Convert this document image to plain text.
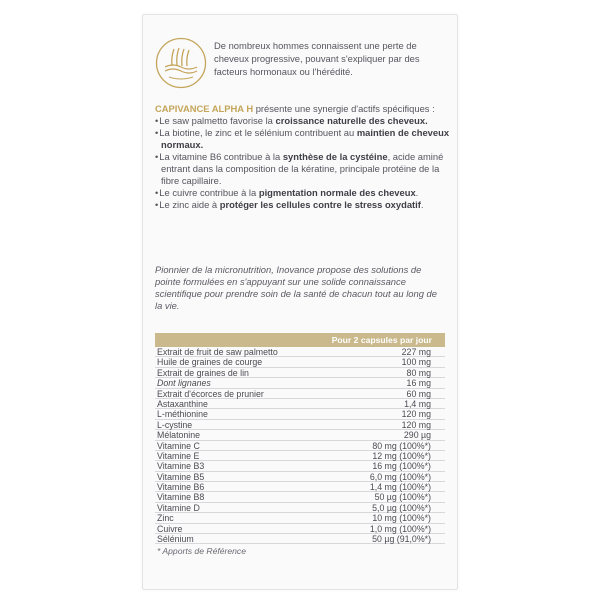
De nombreux hommes connaissent une perte de cheveux progressive, pouvant s'expliquer par des facteurs hormonaux ou l'hérédité.
CAPIVANCE ALPHA H présente une synergie d'actifs spécifiques :
• Le saw palmetto favorise la croissance naturelle des cheveux.
• La biotine, le zinc et le sélénium contribuent au maintien de cheveux normaux.
• La vitamine B6 contribue à la synthèse de la cystéine, acide aminé entrant dans la composition de la kératine, principale protéine de la fibre capillaire.
• Le cuivre contribue à la pigmentation normale des cheveux.
• Le zinc aide à protéger les cellules contre le stress oxydatif.
Pionnier de la micronutrition, Inovance propose des solutions de pointe formulées en s'appuyant sur une solide connaissance scientifique pour prendre soin de la santé de chacun tout au long de la vie.
Pour 2 capsules par jour
Extrait de fruit de saw palmetto	227 mg
Huile de graines de courge	100 mg
Extrait de graines de lin	80 mg
Dont lignanes	16 mg
Extrait d'écorces de prunier	60 mg
Astaxanthine	1,4 mg
L-méthionine	120 mg
L-cystine	120 mg
Mélatonine	290 µg
Vitamine C	80 mg (100%*)
Vitamine E	12 mg (100%*)
Vitamine B3	16 mg (100%*)
Vitamine B5	6,0 mg (100%*)
Vitamine B6	1,4 mg (100%*)
Vitamine B8	50 µg (100%*)
Vitamine D	5,0 µg (100%*)
Zinc	10 mg (100%*)
Cuivre	1,0 mg (100%*)
Sélénium	50 µg (91,0%*)
* Apports de Référence
